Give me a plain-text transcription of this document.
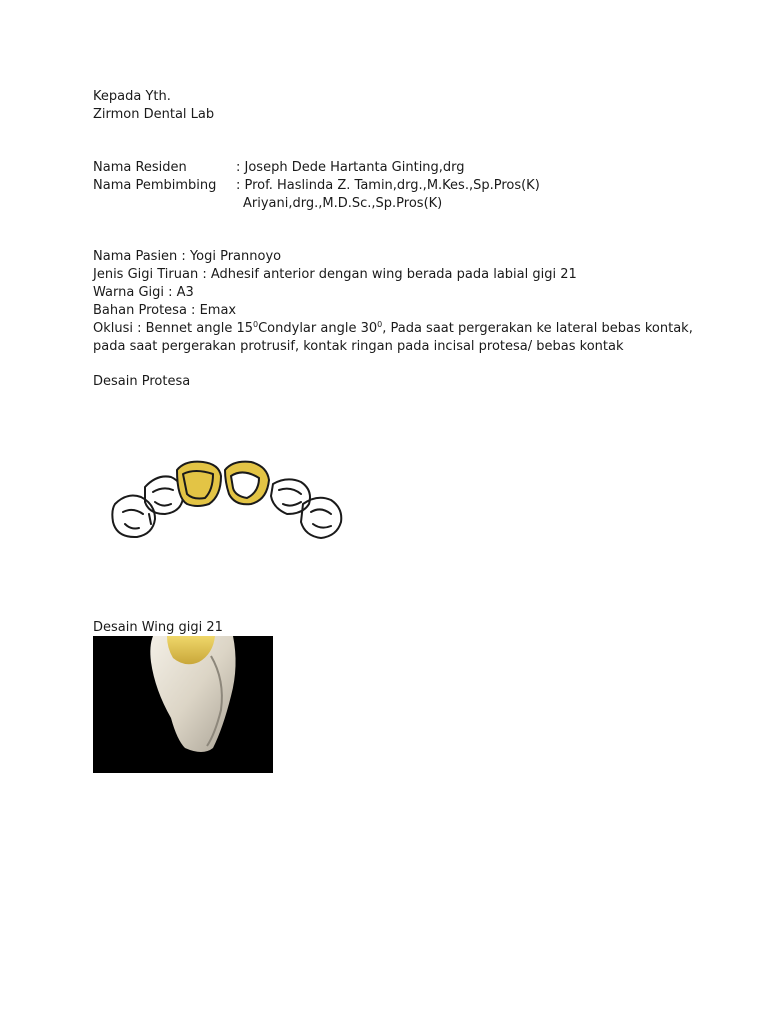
Kepada Yth.
Zirmon Dental Lab
Nama Residen	: Joseph Dede Hartanta Ginting,drg
Nama Pembimbing : Prof. Haslinda Z. Tamin,drg.,M.Kes.,Sp.Pros(K)
Ariyani,drg.,M.D.Sc.,Sp.Pros(K)
Nama Pasien : Yogi Prannoyo
Jenis Gigi Tiruan : Adhesif anterior dengan wing berada pada labial gigi 21
Warna Gigi : A3
Bahan Protesa : Emax
Oklusi : Bennet angle $15^0Condylar$ angle $30^0$, Pada saat pergerakan ke lateral bebas kontak,
pada saat pergerakan protrusif, kontak ringan pada incisal protesa/ bebas kontak
Desain Protesa
Desain Wing gigi 21
